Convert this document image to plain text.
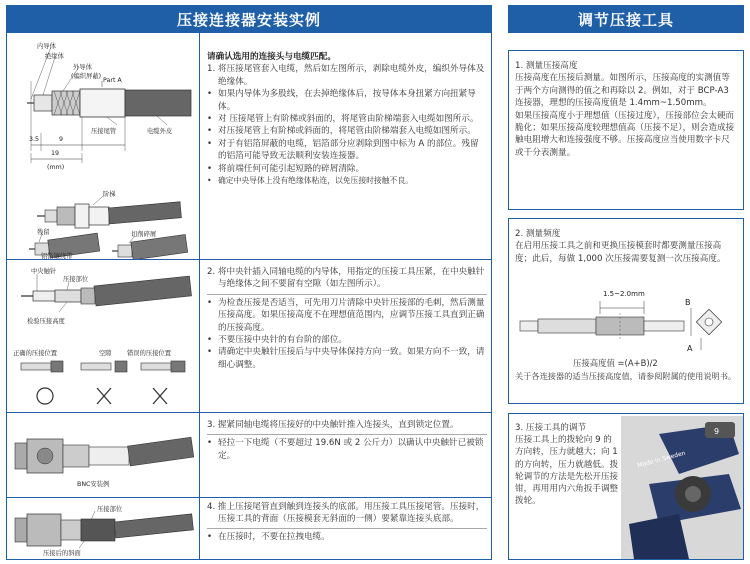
压接连接器安装实例	调节压接工具
内导体
绝缘体
外导体
(编织屏蔽)
Part A
压接尾管	电缆外皮
3.5	9
19
(mm)
阶梯
残留	切削碎屑

请确认选用的连接头与电缆匹配。

1. 将压接尾管套入电缆，然后如左图所示，剥除电缆外皮，编织外导体及绝缘体。

• 如果内导体为多股线，在去掉绝缘体后，按导体本身扭紧方向扭紧导体。

• 对 压接尾管上有阶梯或斜面的，将尾管由阶梯端套入电缆如图所示。

• 对压接尾管上有阶梯或斜面的，将尾管由阶梯端套入电缆如图所示。

• 对于有铝箔屏蔽的电缆，铝箔部分应剥除到图中标为 A 的部位。残留的铝箔可能导致无法顺利安装连接器。

• 将前端任何可能引起短路的碎屑清除。

• 确定中央导体上没有绝缘体粘连，以免压接时接触不良。

铝箔镶绕带
中央触针
压接部位
检验压接高度
正确的压接位置	空隙 错误的压接位置

2. 将中央针插入同轴电缆的内导体，用指定的压接工具压紧，在中央触针与绝缘体之间不要留有空隙（如左图所示）。

• 为检查压接是否适当，可先用刀片清除中央针压接部的毛刺，然后测量压接高度。如果压接高度不在理想值范围内，应调节压接工具直到正确的压接高度。

• 不要压接中央针的有台阶的部位。

• 请确定中央触针压接后与中央导体保持方向一致。如果方向不一致，请细心调整。

BNC安装例

3. 握紧同轴电缆将压接好的中央触针推入连接头，直到锁定位置。

• 轻拉一下电缆（不要超过 19.6N 或 2 公斤力）以确认中央触针已被锁定。

压接部位
压接后的斜面

4. 推上压接尾管直到触到连接头的底部。用压接工具压接尾管。压接时，压接工具的背面（压接模套无斜面的一侧）要紧靠连接头底部。

• 在压接时，不要在拉拽电缆。

1. 测量压接高度

压接高度在压接后测量。如图所示，压接高度的实测值等于两个方向测得的值之和再除以 2。例如，对于 BCP-A3 连接器，理想的压接高度值是 1.4mm~1.50mm。

如果压接高度小于理想值（压接过度），压接部位会太硬而脆化；如果压接高度较理想值高（压接不足），则会造成接触电阻增大和连接强度不够。压接高度应当使用数字卡尺或千分表测量。

2. 测量频度

在启用压接工具之前和更换压接模套时都要测量压接高度；此后，每做 1,000 次压接需要复测一次压接高度。

1.5~2.0mm
B
A

压接高度值 =(A+B)/2

关于各连接器的适当压接高度值，请参阅附属的使用说明书。

3. 压接工具的调节

压接工具上的拨轮向 9 的方向转，压力就越大；向 1 的方向转，压力就越低。拨轮调节的方法是先松开压接钳，再用用内六角扳手调整拨轮。

Made in Sweden
9
